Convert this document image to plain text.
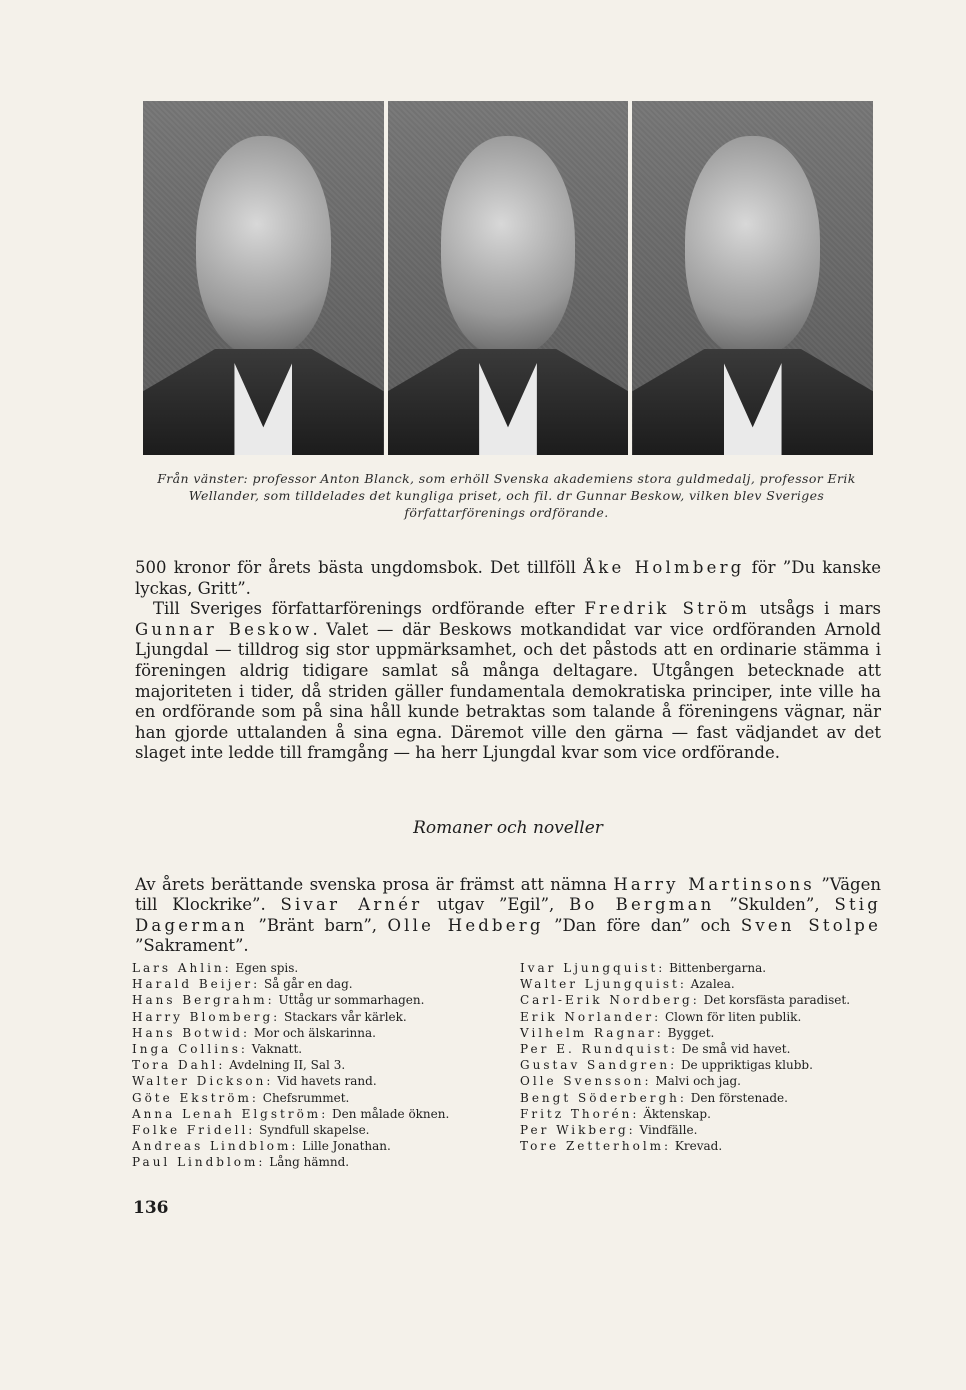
Från vänster: professor Anton Blanck, som erhöll Svenska akademiens stora guldmedalj, professor Erik Wellander, som tilldelades det kungliga priset, och fil. dr Gunnar Beskow, vilken blev Sveriges författarförenings ordförande.

500 kronor för årets bästa ungdomsbok. Det tillföll Åke Holmberg för ”Du kanske lyckas, Gritt”.

Till Sveriges författarförenings ordförande efter Fredrik Ström utsågs i mars Gunnar Beskow. Valet — där Beskows motkandidat var vice ordföranden Arnold Ljungdal — tilldrog sig stor uppmärksamhet, och det påstods att en ordinarie stämma i föreningen aldrig tidigare samlat så många deltagare. Utgången betecknade att majoriteten i tider, då striden gäller fundamentala demokratiska principer, inte ville ha en ordförande som på sina håll kunde betraktas som talande å föreningens vägnar, när han gjorde uttalanden å sina egna. Däremot ville den gärna — fast vädjandet av det slaget inte ledde till framgång — ha herr Ljungdal kvar som vice ordförande.

Romaner och noveller

Av årets berättande svenska prosa är främst att nämna Harry Martinsons ”Vägen till Klockrike”. Sivar Arnér utgav ”Egil”, Bo Bergman ”Skulden”, Stig Dagerman ”Bränt barn”, Olle Hedberg ”Dan före dan” och Sven Stolpe ”Sakrament”.

Lars Ahlin: Egen spis.
Harald Beijer: Så går en dag.
Hans Bergrahm: Uttåg ur sommarhagen.
Harry Blomberg: Stackars vår kärlek.
Hans Botwid: Mor och älskarinna.
Inga Collins: Vaknatt.
Tora Dahl: Avdelning II, Sal 3.
Walter Dickson: Vid havets rand.
Göte Ekström: Chefsrummet.
Anna Lenah Elgström: Den målade öknen.
Folke Fridell: Syndfull skapelse.
Andreas Lindblom: Lille Jonathan.
Paul Lindblom: Lång hämnd.
Ivar Ljungquist: Bittenbergarna.
Walter Ljungquist: Azalea.
Carl-Erik Nordberg: Det korsfästa paradiset.
Erik Norlander: Clown för liten publik.
Vilhelm Ragnar: Bygget.
Per E. Rundquist: De små vid havet.
Gustav Sandgren: De uppriktigas klubb.
Olle Svensson: Malvi och jag.
Bengt Söderbergh: Den förstenade.
Fritz Thorén: Äktenskap.
Per Wikberg: Vindfälle.
Tore Zetterholm: Krevad.
136
